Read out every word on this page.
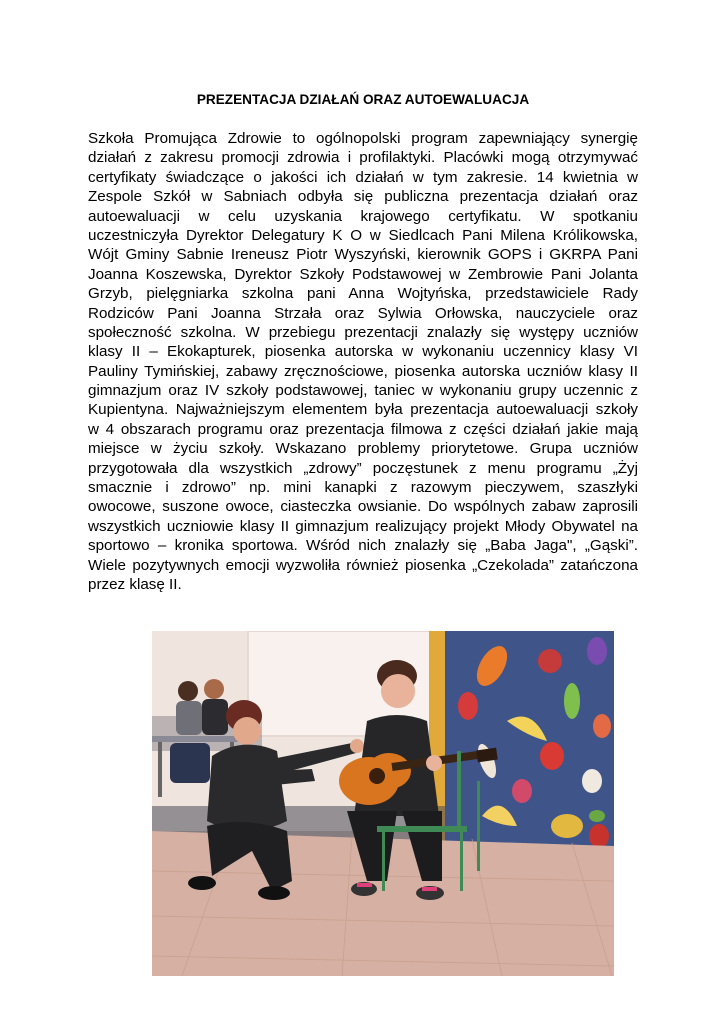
PREZENTACJA DZIAŁAŃ ORAZ AUTOEWALUACJA
Szkoła Promująca Zdrowie to ogólnopolski program zapewniający synergię
działań z zakresu promocji zdrowia i profilaktyki. Placówki mogą otrzymywać
certyfikaty świadczące o jakości ich działań w tym zakresie. 14 kwietnia w
Zespole Szkół w Sabniach odbyła się publiczna prezentacja działań oraz
autoewaluacji w celu uzyskania krajowego certyfikatu. W spotkaniu
uczestniczyła Dyrektor Delegatury K O w Siedlcach Pani Milena Królikowska,
Wójt Gminy Sabnie Ireneusz Piotr Wyszyński, kierownik GOPS i GKRPA Pani
Joanna Koszewska, Dyrektor Szkoły Podstawowej w Zembrowie Pani Jolanta
Grzyb, pielęgniarka szkolna pani Anna Wojtyńska, przedstawiciele Rady
Rodziców Pani Joanna Strzała oraz Sylwia Orłowska, nauczyciele oraz
społeczność szkolna. W przebiegu prezentacji znalazły się występy uczniów
klasy II – Ekokapturek, piosenka autorska w wykonaniu uczennicy klasy VI
Pauliny Tymińskiej, zabawy zręcznościowe, piosenka autorska uczniów klasy II
gimnazjum oraz IV szkoły podstawowej, taniec w wykonaniu grupy uczennic z
Kupientyna. Najważniejszym elementem była prezentacja autoewaluacji szkoły
w 4 obszarach programu oraz prezentacja filmowa z części działań jakie mają
miejsce w życiu szkoły. Wskazano problemy priorytetowe. Grupa uczniów
przygotowała dla wszystkich „zdrowy” poczęstunek z menu programu „Żyj
smacznie i zdrowo” np. mini kanapki z razowym pieczywem, szaszłyki
owocowe, suszone owoce, ciasteczka owsianie. Do wspólnych zabaw zaprosili
wszystkich uczniowie klasy II gimnazjum realizujący projekt Młody Obywatel na
sportowo – kronika sportowa. Wśród nich znalazły się „Baba Jaga", „Gąski”.
Wiele pozytywnych emocji wyzwoliła również piosenka „Czekolada” zatańczona
przez klasę II.
